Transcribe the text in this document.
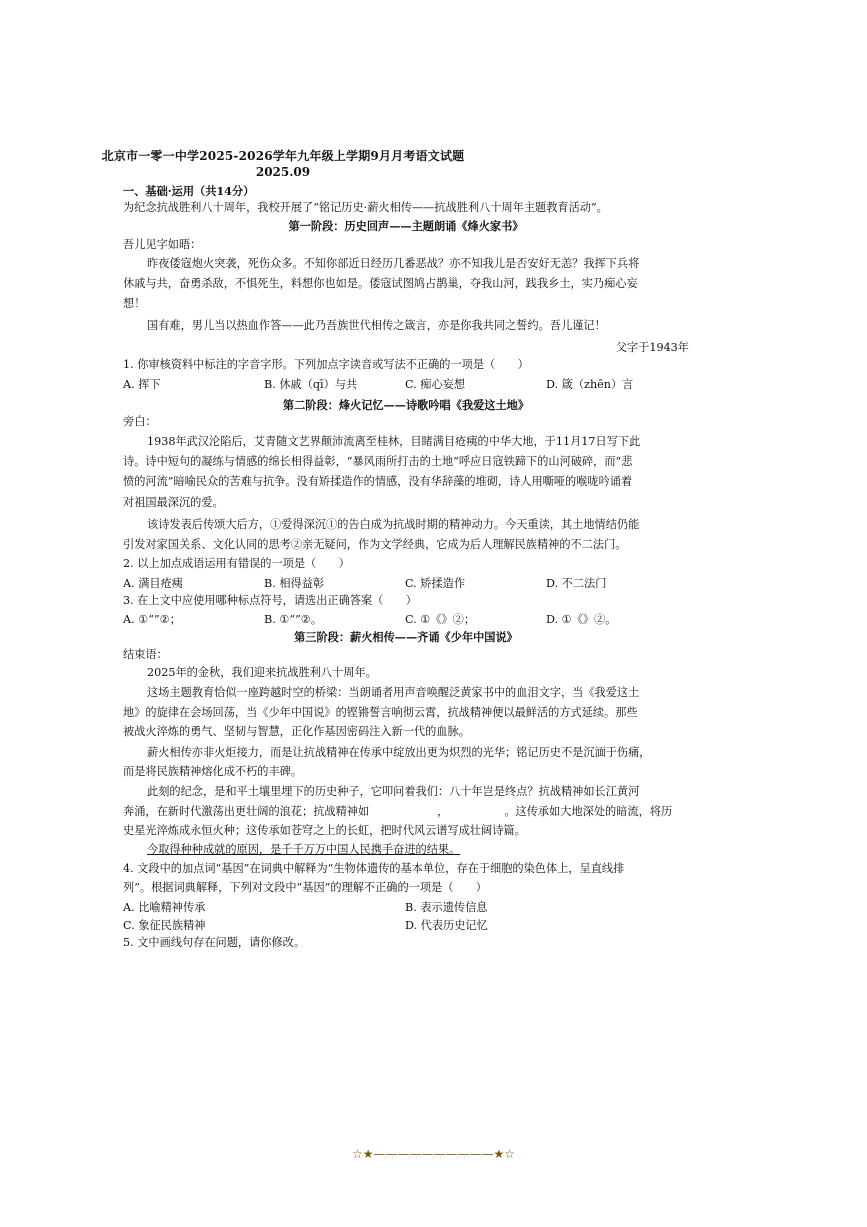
北京市一零一中学2025-2026学年九年级上学期9月月考语文试题
2025.09
一、基础·运用（共14分）
为纪念抗战胜利八十周年，我校开展了“铭记历史·薪火相传——抗战胜利八十周年主题教育活动”。
第一阶段：历史回声——主题朗诵《烽火家书》
吾儿见字如晤：
昨夜倭寇炮火突袭，死伤众多。不知你部近日经历几番恶战？亦不知我儿是否安好无恙？我挥下兵将
休戚与共，奋勇杀敌，不惧死生，料想你也如是。倭寇试图鸠占鹊巢，夺我山河，践我乡土，实乃痴心妄
想！
国有难，男儿当以热血作答——此乃吾族世代相传之箴言，亦是你我共同之誓约。吾儿谨记！
父字于1943年
1. 你审核资料中标注的字音字形。下列加点字读音或写法不正确的一项是（　　）
A. 挥下	B. 休戚（qī）与共	C. 痴心妄想	D. 箴（zhēn）言
第二阶段：烽火记忆——诗歌吟唱《我爱这土地》
旁白：
1938年武汉沦陷后，艾青随文艺界颠沛流离至桂林，目睹满目疮痍的中华大地，于11月17日写下此
诗。诗中短句的凝练与情感的绵长相得益彰，“暴风雨所打击的土地”呼应日寇铁蹄下的山河破碎，而“悲
愤的河流”暗喻民众的苦难与抗争。没有矫揉造作的情感，没有华辞藻的堆砌，诗人用嘶哑的喉咙吟诵着
对祖国最深沉的爱。
该诗发表后传颂大后方，①爱得深沉①的告白成为抗战时期的精神动力。今天重读，其土地情结仍能
引发对家国关系、文化认同的思考②亲无疑问，作为文学经典，它成为后人理解民族精神的不二法门。
2. 以上加点成语运用有错误的一项是（　　）
A. 满目疮痍	B. 相得益彰	C. 矫揉造作	D. 不二法门
3. 在上文中应使用哪种标点符号，请选出正确答案（　　）
A. ①“”②；	B. ①“”②。	C. ①《》②；	D. ①《》②。
第三阶段：薪火相传——齐诵《少年中国说》
结束语：
2025年的金秋，我们迎来抗战胜利八十周年。
这场主题教育恰似一座跨越时空的桥梁：当朗诵者用声音唤醒泛黄家书中的血泪文字，当《我爱这土
地》的旋律在会场回荡，当《少年中国说》的铿锵誓言响彻云霄，抗战精神便以最鲜活的方式延续。那些
被战火淬炼的勇气、坚韧与智慧，正化作基因密码注入新一代的血脉。
薪火相传亦非火炬接力，而是让抗战精神在传承中绽放出更为炽烈的光华；铭记历史不是沉湎于伤痛，
而是将民族精神熔化成不朽的丰碑。
此刻的纪念，是和平土壤里埋下的历史种子，它叩问着我们：八十年岂是终点？抗战精神如长江黄河
奔涌，在新时代激荡出更壮阔的浪花；抗战精神如	，	。这传承如大地深处的暗流，将历
史星光淬炼成永恒火种；这传承如苍穹之上的长虹，把时代风云谱写成壮阔诗篇。
今取得种种成就的原因，是千千万万中国人民携手奋进的结果。
4. 文段中的加点词“基因”在词典中解释为“生物体遗传的基本单位，存在于细胞的染色体上，呈直线排
列”。根据词典解释，下列对文段中“基因”的理解不正确的一项是（　　）
A. 比喻精神传承	B. 表示遗传信息
C. 象征民族精神	D. 代表历史记忆
5. 文中画线句存在问题，请你修改。
☆★——————————★☆
